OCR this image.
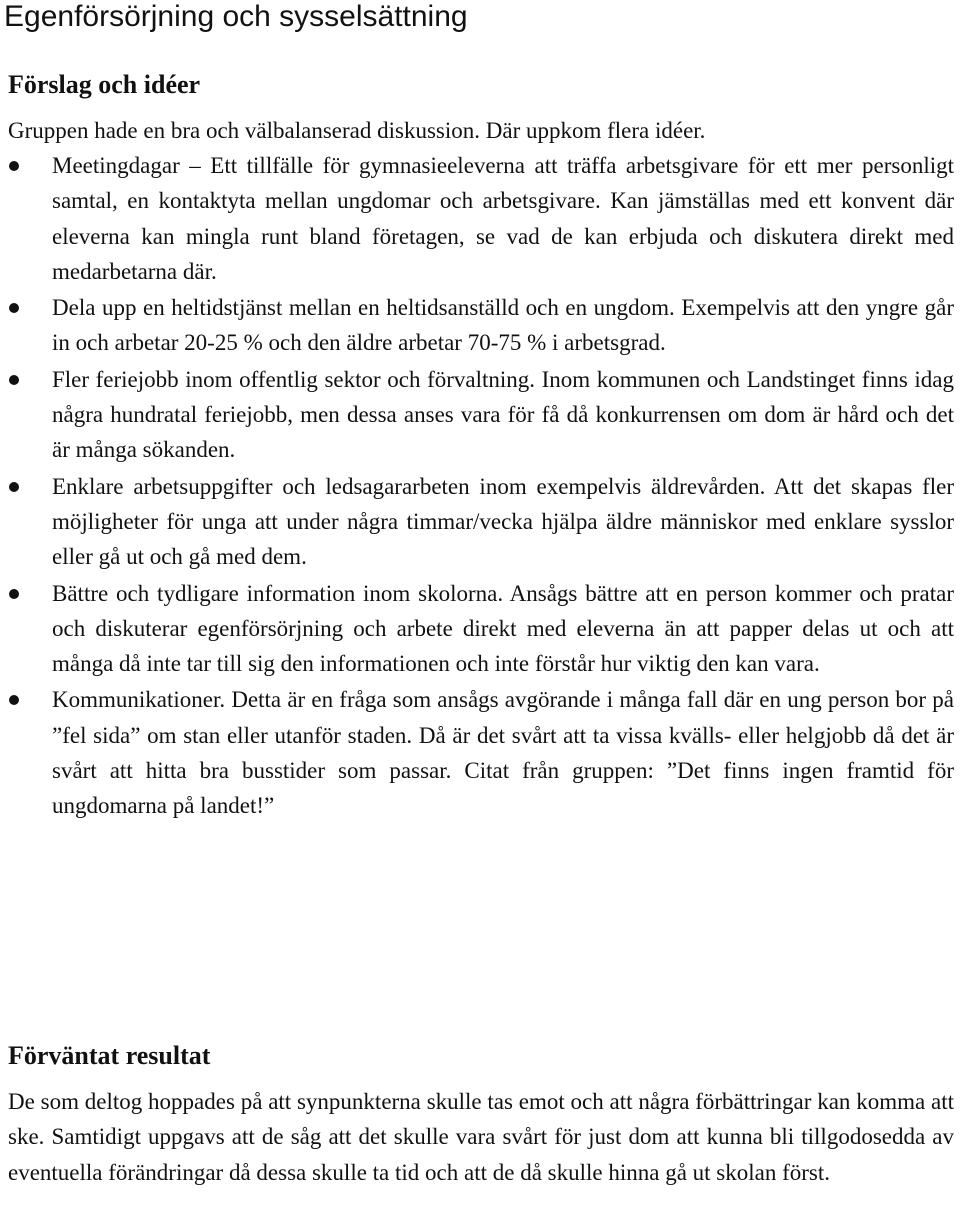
Egenförsörjning och sysselsättning
Förslag och idéer

Gruppen hade en bra och välbalanserad diskussion. Där uppkom flera idéer.

Meetingdagar – Ett tillfälle för gymnasieeleverna att träffa arbetsgivare för ett mer personligt samtal, en kontaktyta mellan ungdomar och arbetsgivare. Kan jämställas med ett konvent där eleverna kan mingla runt bland företagen, se vad de kan erbjuda och diskutera direkt med medarbetarna där.
Dela upp en heltidstjänst mellan en heltidsanställd och en ungdom. Exempelvis att den yngre går in och arbetar 20-25 % och den äldre arbetar 70-75 % i arbetsgrad.
Fler feriejobb inom offentlig sektor och förvaltning. Inom kommunen och Landstinget finns idag några hundratal feriejobb, men dessa anses vara för få då konkurrensen om dom är hård och det är många sökanden.
Enklare arbetsuppgifter och ledsagararbeten inom exempelvis äldrevården. Att det skapas fler möjligheter för unga att under några timmar/vecka hjälpa äldre människor med enklare sysslor eller gå ut och gå med dem.
Bättre och tydligare information inom skolorna. Ansågs bättre att en person kommer och pratar och diskuterar egenförsörjning och arbete direkt med eleverna än att papper delas ut och att många då inte tar till sig den informationen och inte förstår hur viktig den kan vara.
Kommunikationer. Detta är en fråga som ansågs avgörande i många fall där en ung person bor på ”fel sida” om stan eller utanför staden. Då är det svårt att ta vissa kvälls- eller helgjobb då det är svårt att hitta bra busstider som passar. Citat från gruppen: ”Det finns ingen framtid för ungdomarna på landet!”
Förväntat resultat

De som deltog hoppades på att synpunkterna skulle tas emot och att några förbättringar kan komma att ske. Samtidigt uppgavs att de såg att det skulle vara svårt för just dom att kunna bli tillgodosedda av eventuella förändringar då dessa skulle ta tid och att de då skulle hinna gå ut skolan först.
